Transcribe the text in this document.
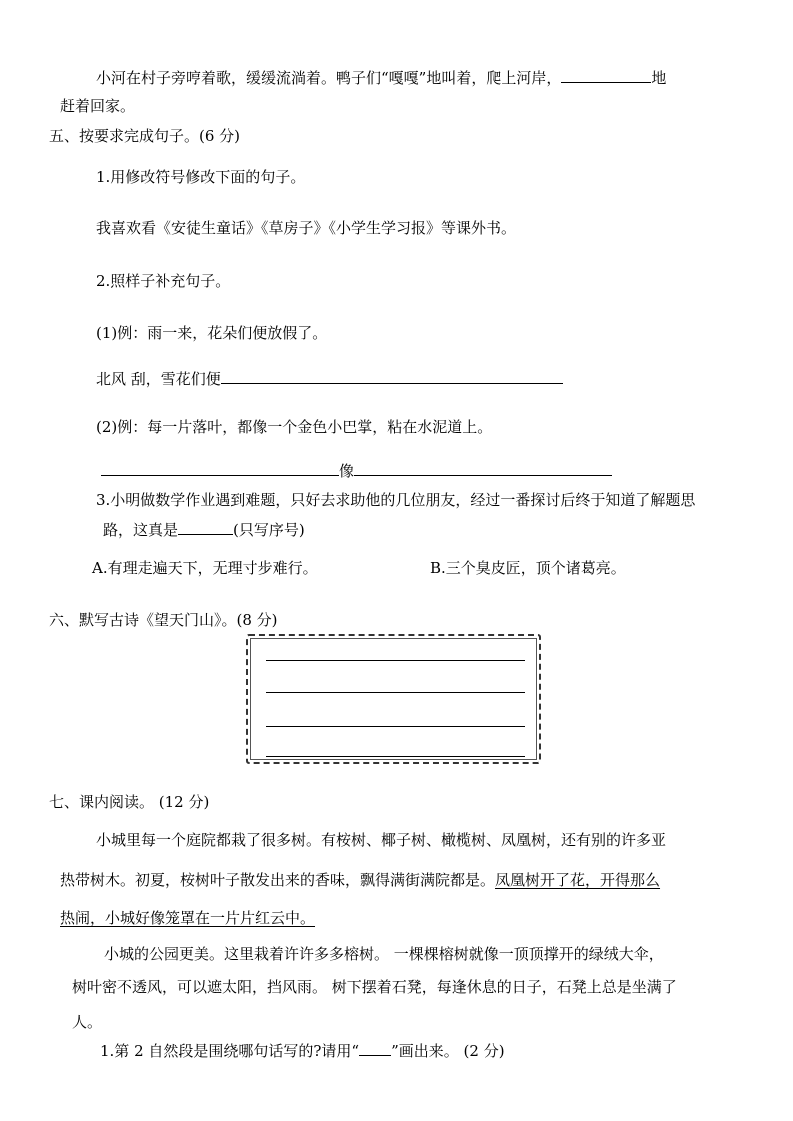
小河在村子旁哼着歌，缓缓流淌着。鸭子们“嘎嘎”地叫着，爬上河岸，	地
赶着回家。
五、按要求完成句子。(6 分)
1.用修改符号修改下面的句子。
我喜欢看《安徒生童话》《草房子》《小学生学习报》等课外书。
2.照样子补充句子。
(1)例：雨一来，花朵们便放假了。
北风 刮，雪花们便
(2)例：每一片落叶，都像一个金色小巴掌，粘在水泥道上。
像
3.小明做数学作业遇到难题，只好去求助他的几位朋友，经过一番探讨后终于知道了解题思
路，这真是	(只写序号)
A.有理走遍天下，无理寸步难行。	B.三个臭皮匠，顶个诸葛亮。
六、默写古诗《望天门山》。(8 分)
七、课内阅读。 (12 分)
小城里每一个庭院都栽了很多树。有桉树、椰子树、橄榄树、凤凰树，还有别的许多亚
热带树木。初夏，桉树叶子散发出来的香味，飘得满街满院都是。凤凰树开了花，开得那么
热闹，小城好像笼罩在一片片红云中。
小城的公园更美。这里栽着许许多多榕树。 一棵棵榕树就像一顶顶撑开的绿绒大伞，
树叶密不透风，可以遮太阳，挡风雨。 树下摆着石凳，每逢休息的日子，石凳上总是坐满了
人。
1.第 2 自然段是围绕哪句话写的?请用“ ”画出来。 (2 分)
